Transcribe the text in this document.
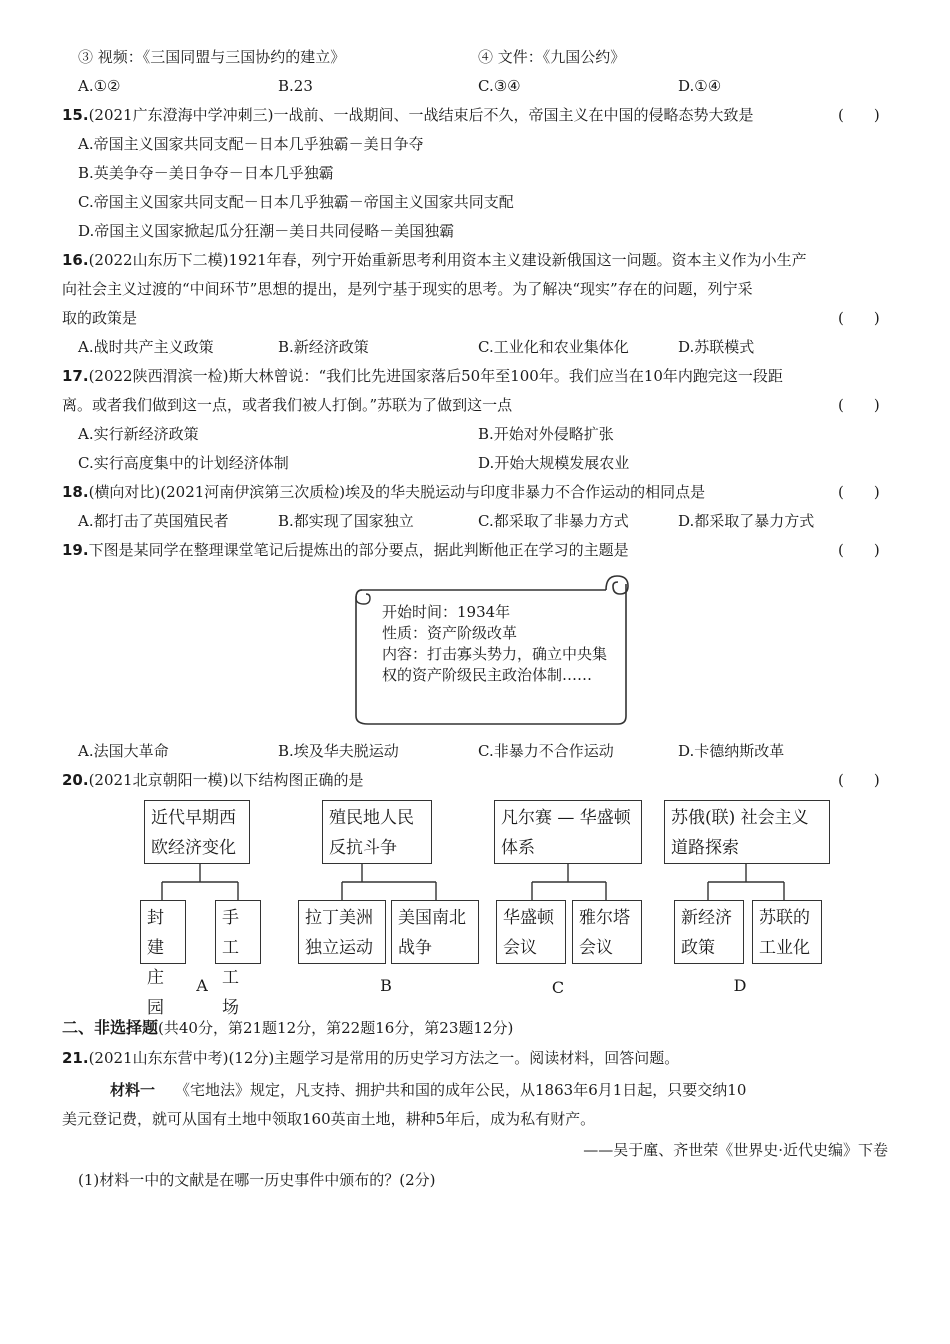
③ 视频：《三国同盟与三国协约的建立》	④ 文件：《九国公约》
A.①②	B.23	C.③④	D.①④
15.(2021广东澄海中学冲刺三)一战前、一战期间、一战结束后不久，帝国主义在中国的侵略态势大致是	(　　)
A.帝国主义国家共同支配－日本几乎独霸－美日争夺
B.英美争夺－美日争夺－日本几乎独霸
C.帝国主义国家共同支配－日本几乎独霸－帝国主义国家共同支配
D.帝国主义国家掀起瓜分狂潮－美日共同侵略－美国独霸
16.(2022山东历下二模)1921年春，列宁开始重新思考利用资本主义建设新俄国这一问题。资本主义作为小生产
向社会主义过渡的“中间环节”思想的提出，是列宁基于现实的思考。为了解决“现实”存在的问题，列宁采
取的政策是	(　　)
A.战时共产主义政策	B.新经济政策	C.工业化和农业集体化	D.苏联模式
17.(2022陕西渭滨一检)斯大林曾说：“我们比先进国家落后50年至100年。我们应当在10年内跑完这一段距
离。或者我们做到这一点，或者我们被人打倒。”苏联为了做到这一点	(　　)
A.实行新经济政策	B.开始对外侵略扩张
C.实行高度集中的计划经济体制	D.开始大规模发展农业
18.(横向对比)(2021河南伊滨第三次质检)埃及的华夫脱运动与印度非暴力不合作运动的相同点是	(　　)
A.都打击了英国殖民者	B.都实现了国家独立	C.都采取了非暴力方式	D.都采取了暴力方式
19.下图是某同学在整理课堂笔记后提炼出的部分要点，据此判断他正在学习的主题是	(　　)
开始时间：1934年
性质：资产阶级改革
内容：打击寡头势力，确立中央集
权的资产阶级民主政治体制……
A.法国大革命	B.埃及华夫脱运动	C.非暴力不合作运动	D.卡德纳斯改革
20.(2021北京朝阳一模)以下结构图正确的是	(　　)
近代早期西
欧经济变化
封建
庄园
手工
工场
A
殖民地人民
反抗斗争
拉丁美洲
独立运动
美国南北
战争
B
凡尔赛 — 华盛顿
体系
华盛顿
会议
雅尔塔
会议
C
苏俄(联) 社会主义
道路探索
新经济
政策
苏联的
工业化
D
二、非选择题(共40分，第21题12分，第22题16分，第23题12分)
21.(2021山东东营中考)(12分)主题学习是常用的历史学习方法之一。阅读材料，回答问题。
材料一 《宅地法》规定，凡支持、拥护共和国的成年公民，从1863年6月1日起，只要交纳10
美元登记费，就可从国有土地中领取160英亩土地，耕种5年后，成为私有财产。
——吴于廑、齐世荣《世界史·近代史编》下卷
(1)材料一中的文献是在哪一历史事件中颁布的？(2分)
